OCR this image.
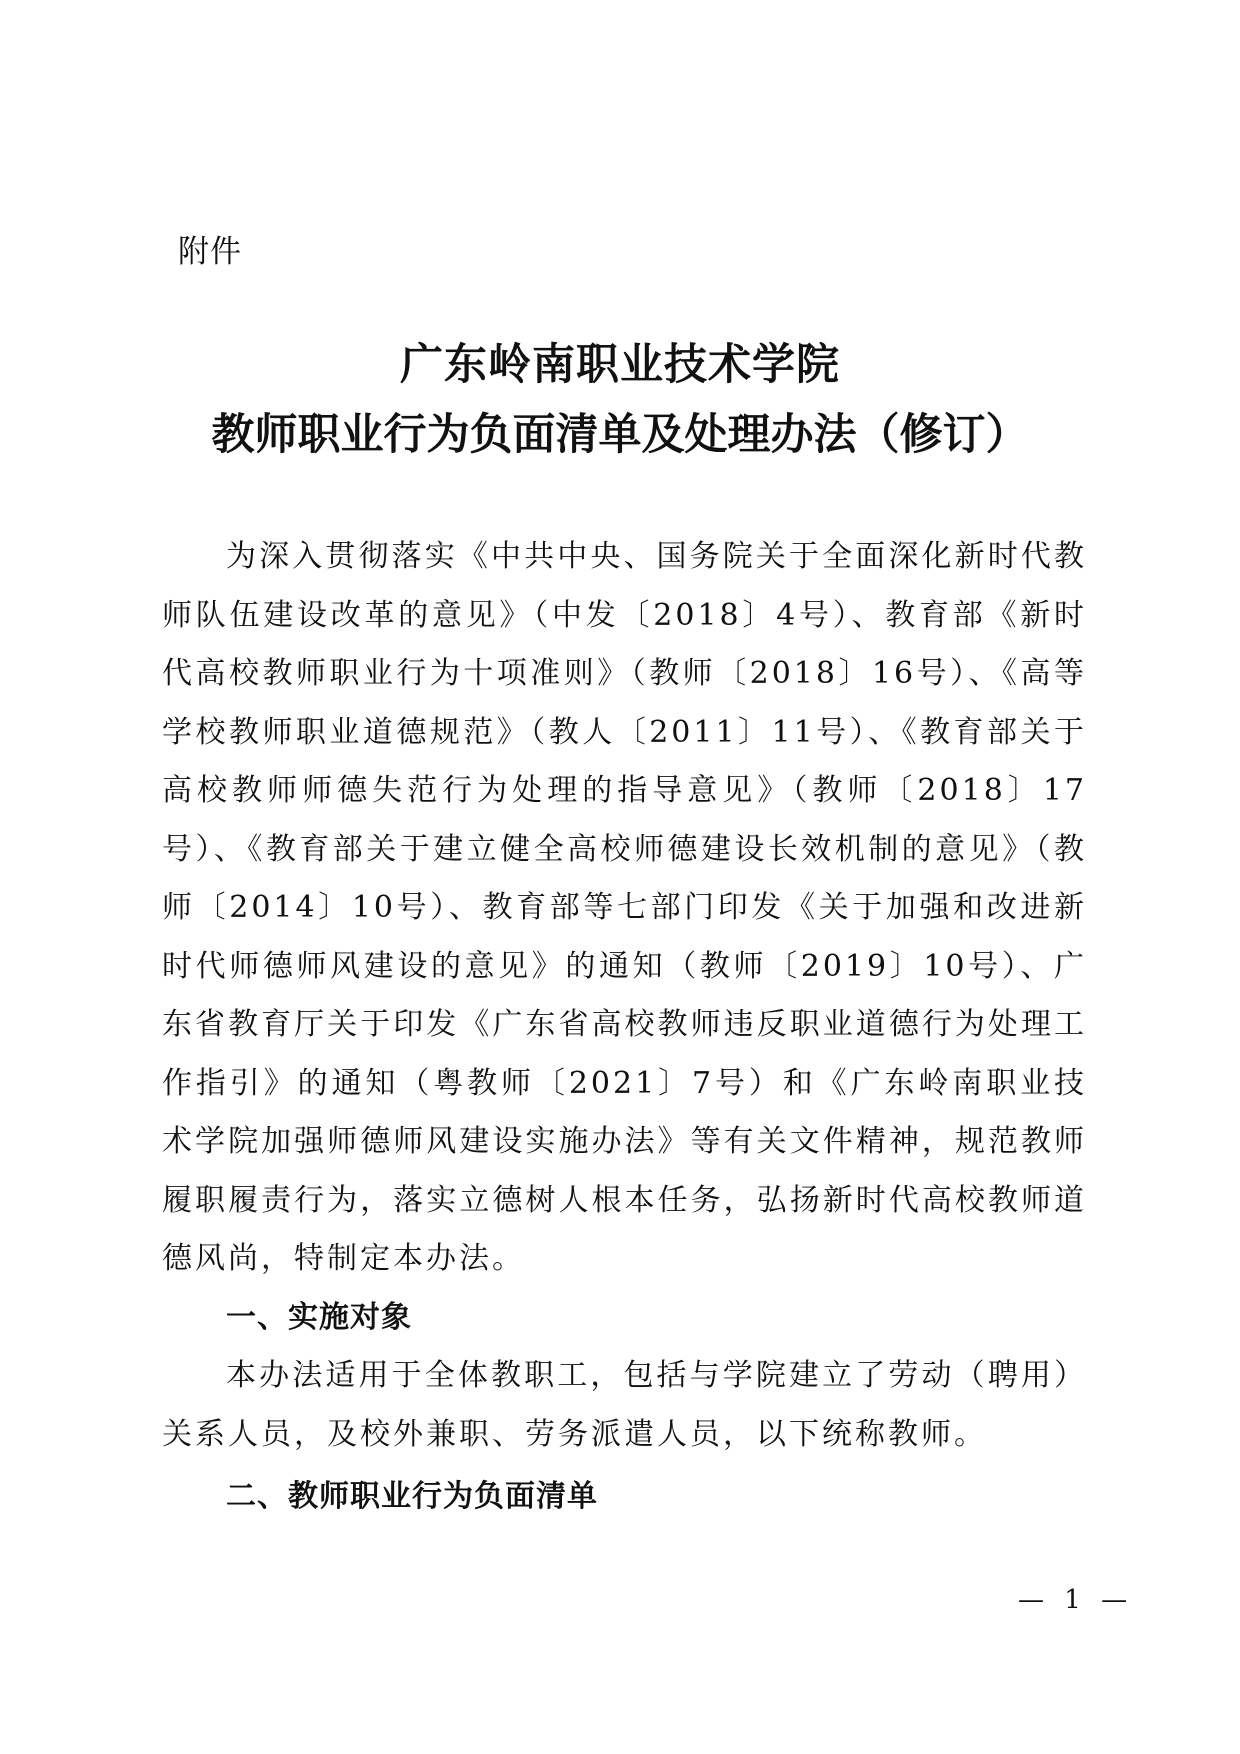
附件
广东岭南职业技术学院
教师职业行为负面清单及处理办法（修订）

为深入贯彻落实《中共中央、国务院关于全面深化新时代教师队伍建设改革的意见》（中发〔2018〕4号）、教育部《新时代高校教师职业行为十项准则》（教师〔2018〕16号）、《高等学校教师职业道德规范》（教人〔2011〕11号）、《教育部关于高校教师师德失范行为处理的指导意见》（教师〔2018〕17号）、《教育部关于建立健全高校师德建设长效机制的意见》（教师〔2014〕10号）、教育部等七部门印发《关于加强和改进新时代师德师风建设的意见》的通知（教师〔2019〕10号）、广东省教育厅关于印发《广东省高校教师违反职业道德行为处理工作指引》的通知（粤教师〔2021〕7号）和《广东岭南职业技术学院加强师德师风建设实施办法》等有关文件精神，规范教师履职履责行为，落实立德树人根本任务，弘扬新时代高校教师道德风尚，特制定本办法。

一、实施对象

本办法适用于全体教职工，包括与学院建立了劳动（聘用）关系人员，及校外兼职、劳务派遣人员，以下统称教师。

二、教师职业行为负面清单

— 1 —
